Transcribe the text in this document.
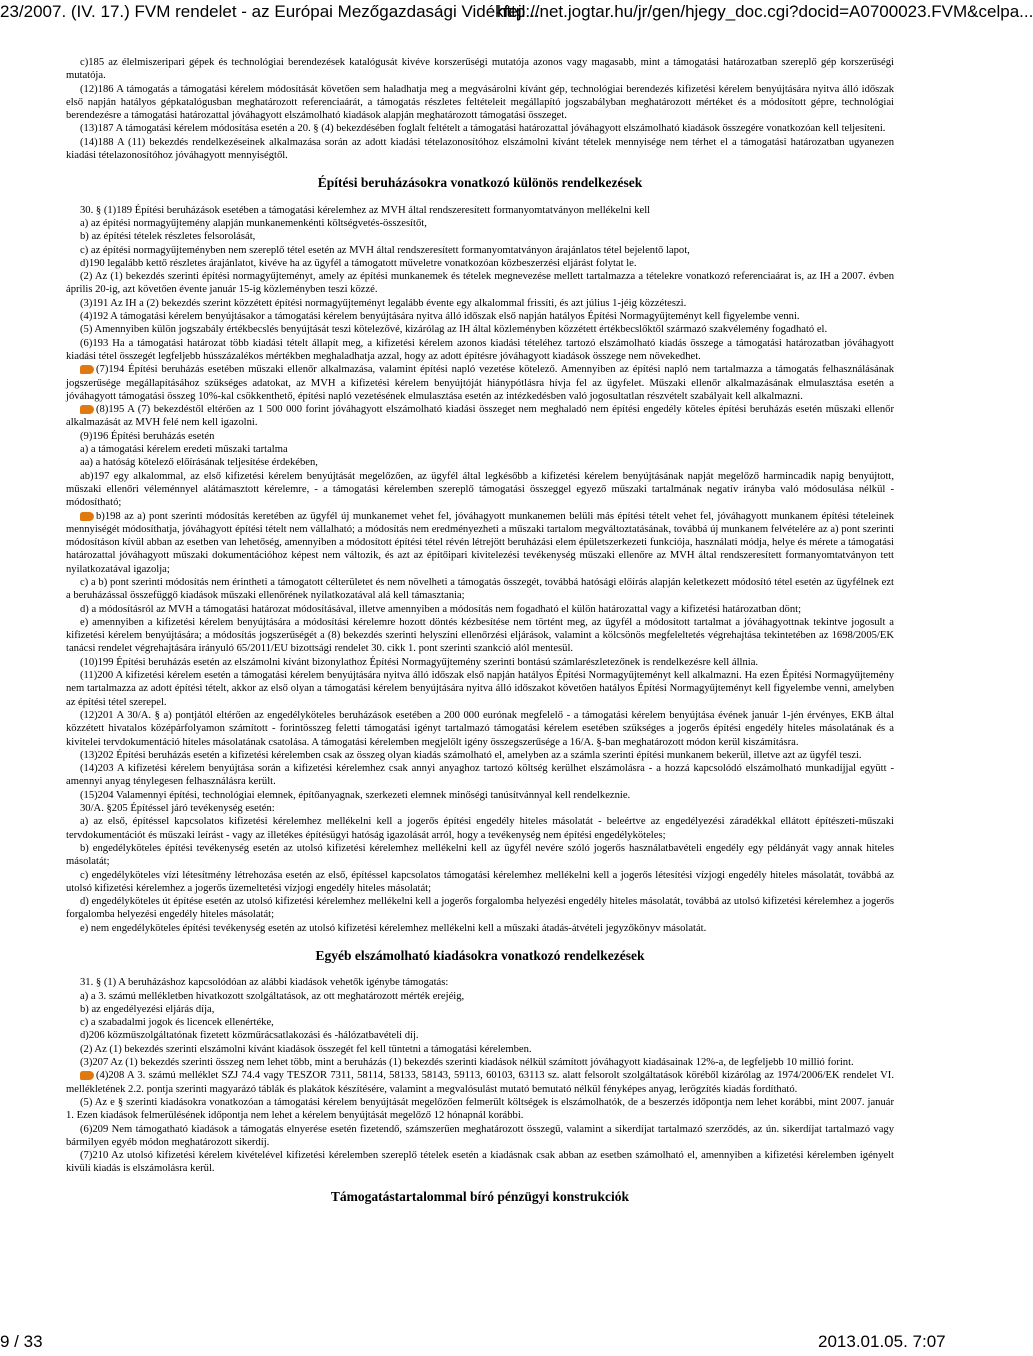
23/2007. (IV. 17.) FVM rendelet - az Európai Mezőgazdasági Vidékfejl...
http://net.jogtar.hu/jr/gen/hjegy_doc.cgi?docid=A0700023.FVM&celpa...

c)185 az élelmiszeripari gépek és technológiai berendezések katalógusát kivéve korszerűségi mutatója azonos vagy magasabb, mint a támogatási határozatban szereplő gép korszerűségi mutatója.

(12)186 A támogatás a támogatási kérelem módosítását követően sem haladhatja meg a megvásárolni kívánt gép, technológiai berendezés kifizetési kérelem benyújtására nyitva álló időszak első napján hatályos gépkatalógusban meghatározott referenciaárát, a támogatás részletes feltételeit megállapító jogszabályban meghatározott mértéket és a módosított gépre, technológiai berendezésre a támogatási határozattal jóváhagyott elszámolható kiadások alapján meghatározott támogatási összeget.

(13)187 A támogatási kérelem módosítása esetén a 20. § (4) bekezdésében foglalt feltételt a támogatási határozattal jóváhagyott elszámolható kiadások összegére vonatkozóan kell teljesíteni.

(14)188 A (11) bekezdés rendelkezéseinek alkalmazása során az adott kiadási tételazonosítóhoz elszámolni kívánt tételek mennyisége nem térhet el a támogatási határozatban ugyanezen kiadási tételazonosítóhoz jóváhagyott mennyiségtől.

Építési beruházásokra vonatkozó különös rendelkezések

30. § (1)189 Építési beruházások esetében a támogatási kérelemhez az MVH által rendszeresített formanyomtatványon mellékelni kell

a) az építési normagyűjtemény alapján munkanemenkénti költségvetés-összesítőt,

b) az építési tételek részletes felsorolását,

c) az építési normagyűjteményben nem szereplő tétel esetén az MVH által rendszeresített formanyomtatványon árajánlatos tétel bejelentő lapot,

d)190 legalább kettő részletes árajánlatot, kivéve ha az ügyfél a támogatott műveletre vonatkozóan közbeszerzési eljárást folytat le.

(2) Az (1) bekezdés szerinti építési normagyűjteményt, amely az építési munkanemek és tételek megnevezése mellett tartalmazza a tételekre vonatkozó referenciaárat is, az IH a 2007. évben április 20-ig, azt követően évente január 15-ig közleményben teszi közzé.

(3)191 Az IH a (2) bekezdés szerint közzétett építési normagyűjteményt legalább évente egy alkalommal frissíti, és azt július 1-jéig közzéteszi.

(4)192 A támogatási kérelem benyújtásakor a támogatási kérelem benyújtására nyitva álló időszak első napján hatályos Építési Normagyűjteményt kell figyelembe venni.

(5) Amennyiben külön jogszabály értékbecslés benyújtását teszi kötelezővé, kizárólag az IH által közleményben közzétett értékbecslőktől származó szakvélemény fogadható el.

(6)193 Ha a támogatási határozat több kiadási tételt állapít meg, a kifizetési kérelem azonos kiadási tételéhez tartozó elszámolható kiadás összege a támogatási határozatban jóváhagyott kiadási tétel összegét legfeljebb hússzázalékos mértékben meghaladhatja azzal, hogy az adott építésre jóváhagyott kiadások összege nem növekedhet.

(7)194 Építési beruházás esetében műszaki ellenőr alkalmazása, valamint építési napló vezetése kötelező. Amennyiben az építési napló nem tartalmazza a támogatás felhasználásának jogszerűsége megállapításához szükséges adatokat, az MVH a kifizetési kérelem benyújtóját hiánypótlásra hívja fel az ügyfelet. Műszaki ellenőr alkalmazásának elmulasztása esetén a jóváhagyott támogatási összeg 10%-kal csökkenthető, építési napló vezetésének elmulasztása esetén az intézkedésben való jogosultatlan részvételt szabályait kell alkalmazni.

(8)195 A (7) bekezdéstől eltérően az 1 500 000 forint jóváhagyott elszámolható kiadási összeget nem meghaladó nem építési engedély köteles építési beruházás esetén műszaki ellenőr alkalmazását az MVH felé nem kell igazolni.

(9)196 Építési beruházás esetén

a) a támogatási kérelem eredeti műszaki tartalma

aa) a hatóság kötelező előírásának teljesítése érdekében,

ab)197 egy alkalommal, az első kifizetési kérelem benyújtását megelőzően, az ügyfél által legkésőbb a kifizetési kérelem benyújtásának napját megelőző harmincadik napig benyújtott, műszaki ellenőri véleménnyel alátámasztott kérelemre, - a támogatási kérelemben szereplő támogatási összeggel egyező műszaki tartalmának negatív irányba való módosulása nélkül - módosítható;

b)198 az a) pont szerinti módosítás keretében az ügyfél új munkanemet vehet fel, jóváhagyott munkanemen belüli más építési tételt vehet fel, jóváhagyott munkanem építési tételeinek mennyiségét módosíthatja, jóváhagyott építési tételt nem vállalható; a módosítás nem eredményezheti a műszaki tartalom megváltoztatásának, továbbá új munkanem felvételére az a) pont szerinti módosításon kívül abban az esetben van lehetőség, amennyiben a módosított építési tétel révén létrejött beruházási elem épületszerkezeti funkciója, használati módja, helye és mérete a támogatási határozattal jóváhagyott műszaki dokumentációhoz képest nem változik, és azt az építőipari kivitelezési tevékenység műszaki ellenőre az MVH által rendszeresített formanyomtatványon tett nyilatkozatával igazolja;

c) a b) pont szerinti módosítás nem érintheti a támogatott célterületet és nem növelheti a támogatás összegét, továbbá hatósági előírás alapján keletkezett módosító tétel esetén az ügyfélnek ezt a beruházással összefüggő kiadások műszaki ellenőrének nyilatkozatával alá kell támasztania;

d) a módosításról az MVH a támogatási határozat módosításával, illetve amennyiben a módosítás nem fogadható el külön határozattal vagy a kifizetési határozatban dönt;

e) amennyiben a kifizetési kérelem benyújtására a módosítási kérelemre hozott döntés kézbesítése nem történt meg, az ügyfél a módosított tartalmat a jóváhagyottnak tekintve jogosult a kifizetési kérelem benyújtására; a módosítás jogszerűségét a (8) bekezdés szerinti helyszíni ellenőrzési eljárások, valamint a kölcsönös megfeleltetés végrehajtása tekintetében az 1698/2005/EK tanácsi rendelet végrehajtására irányuló 65/2011/EU bizottsági rendelet 30. cikk 1. pont szerinti szankció alól mentesül.

(10)199 Építési beruházás esetén az elszámolni kívánt bizonylathoz Építési Normagyűjtemény szerinti bontású számlarészletezőnek is rendelkezésre kell állnia.

(11)200 A kifizetési kérelem esetén a támogatási kérelem benyújtására nyitva álló időszak első napján hatályos Építési Normagyűjteményt kell alkalmazni. Ha ezen Építési Normagyűjtemény nem tartalmazza az adott építési tételt, akkor az első olyan a támogatási kérelem benyújtására nyitva álló időszakot követően hatályos Építési Normagyűjteményt kell figyelembe venni, amelyben az építési tétel szerepel.

(12)201 A 30/A. § a) pontjától eltérően az engedélyköteles beruházások esetében a 200 000 eurónak megfelelő - a támogatási kérelem benyújtása évének január 1-jén érvényes, EKB által közzétett hivatalos középárfolyamon számított - forintösszeg feletti támogatási igényt tartalmazó támogatási kérelem esetében szükséges a jogerős építési engedély hiteles másolatának és a kivitelei tervdokumentáció hiteles másolatának csatolása. A támogatási kérelemben megjelölt igény összegszerűsége a 16/A. §-ban meghatározott módon kerül kiszámításra.

(13)202 Építési beruházás esetén a kifizetési kérelemben csak az összeg olyan kiadás számolható el, amelyben az a számla szerinti építési munkanem bekerül, illetve azt az ügyfél teszi.

(14)203 A kifizetési kérelem benyújtása során a kifizetési kérelemhez csak annyi anyaghoz tartozó költség kerülhet elszámolásra - a hozzá kapcsolódó elszámolható munkadíjjal együtt - amennyi anyag ténylegesen felhasználásra került.

(15)204 Valamennyi építési, technológiai elemnek, építőanyagnak, szerkezeti elemnek minőségi tanúsítvánnyal kell rendelkeznie.

30/A. §205 Építéssel járó tevékenység esetén:

a) az első, építéssel kapcsolatos kifizetési kérelemhez mellékelni kell a jogerős építési engedély hiteles másolatát - beleértve az engedélyezési záradékkal ellátott építészeti-műszaki tervdokumentációt és műszaki leírást - vagy az illetékes építésügyi hatóság igazolását arról, hogy a tevékenység nem építési engedélyköteles;

b) engedélyköteles építési tevékenység esetén az utolsó kifizetési kérelemhez mellékelni kell az ügyfél nevére szóló jogerős használatbavételi engedély egy példányát vagy annak hiteles másolatát;

c) engedélyköteles vízi létesítmény létrehozása esetén az első, építéssel kapcsolatos támogatási kérelemhez mellékelni kell a jogerős létesítési vízjogi engedély hiteles másolatát, továbbá az utolsó kifizetési kérelemhez a jogerős üzemeltetési vízjogi engedély hiteles másolatát;

d) engedélyköteles út építése esetén az utolsó kifizetési kérelemhez mellékelni kell a jogerős forgalomba helyezési engedély hiteles másolatát, továbbá az utolsó kifizetési kérelemhez a jogerős forgalomba helyezési engedély hiteles másolatát;

e) nem engedélyköteles építési tevékenység esetén az utolsó kifizetési kérelemhez mellékelni kell a műszaki átadás-átvételi jegyzőkönyv másolatát.

Egyéb elszámolható kiadásokra vonatkozó rendelkezések

31. § (1) A beruházáshoz kapcsolódóan az alábbi kiadások vehetők igénybe támogatás:

a) a 3. számú mellékletben hivatkozott szolgáltatások, az ott meghatározott mérték erejéig,

b) az engedélyezési eljárás díja,

c) a szabadalmi jogok és licencek ellenértéke,

d)206 közműszolgáltatónak fizetett közműrácsatlakozási és -hálózatbavételi díj.

(2) Az (1) bekezdés szerinti elszámolni kívánt kiadások összegét fel kell tüntetni a támogatási kérelemben.

(3)207 Az (1) bekezdés szerinti összeg nem lehet több, mint a beruházás (1) bekezdés szerinti kiadások nélkül számított jóváhagyott kiadásainak 12%-a, de legfeljebb 10 millió forint.

(4)208 A 3. számú melléklet SZJ 74.4 vagy TESZOR 7311, 58114, 58133, 58143, 59113, 60103, 63113 sz. alatt felsorolt szolgáltatások köréből kizárólag az 1974/2006/EK rendelet VI. mellékletének 2.2. pontja szerinti magyarázó táblák és plakátok készítésére, valamint a megvalósulást mutató bemutató nélkül fényképes anyag, lerögzítés kiadás fordítható.

(5) Az e § szerinti kiadásokra vonatkozóan a támogatási kérelem benyújtását megelőzően felmerült költségek is elszámolhatók, de a beszerzés időpontja nem lehet korábbi, mint 2007. január 1. Ezen kiadások felmerülésének időpontja nem lehet a kérelem benyújtását megelőző 12 hónapnál korábbi.

(6)209 Nem támogatható kiadások a támogatás elnyerése esetén fizetendő, számszerűen meghatározott összegű, valamint a sikerdíjat tartalmazó szerződés, az ún. sikerdíjat tartalmazó vagy bármilyen egyéb módon meghatározott sikerdíj.

(7)210 Az utolsó kifizetési kérelem kivételével kifizetési kérelemben szereplő tételek esetén a kiadásnak csak abban az esetben számolható el, amennyiben a kifizetési kérelemben igényelt kivüli kiadás is elszámolásra kerül.

Támogatástartalommal bíró pénzügyi konstrukciók

9 / 33	2013.01.05. 7:07
